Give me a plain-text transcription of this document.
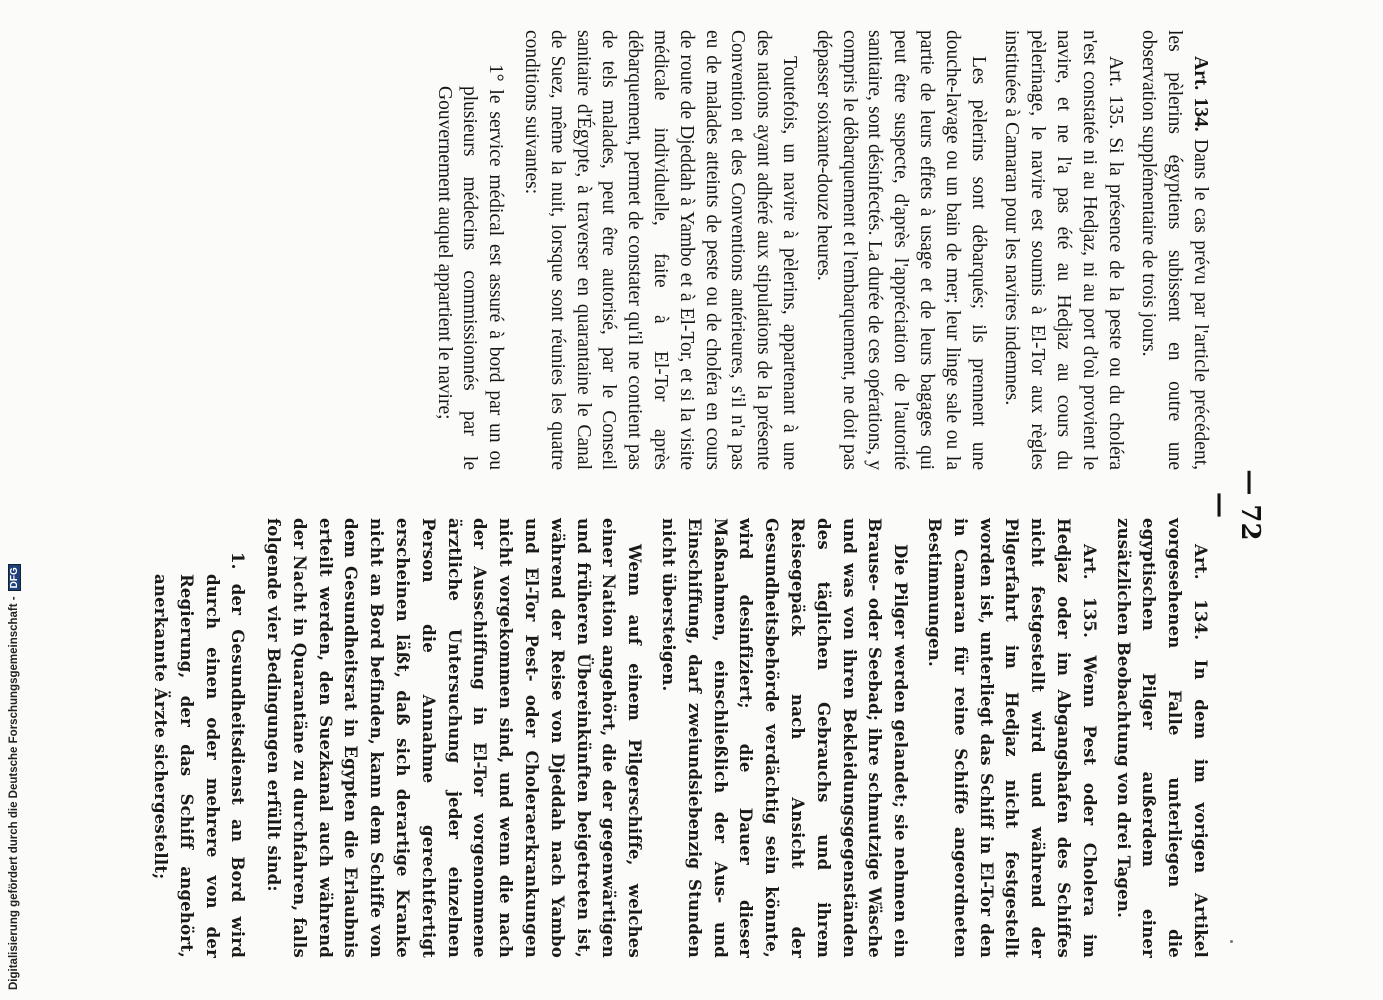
— 72 —

Art. 134. Dans le cas prévu par l'article précédent, les pèlerins égyptiens subissent en outre une observation supplémentaire de trois jours.

Art. 135. Si la présence de la peste ou du choléra n'est constatée ni au Hedjaz, ni au port d'où provient le navire, et ne l'a pas été au Hedjaz au cours du pèlerinage, le navire est soumis à El-Tor aux règles instituées à Camaran pour les navires indemnes.

Les pèlerins sont débarqués; ils prennent une douche-lavage ou un bain de mer; leur linge sale ou la partie de leurs effets à usage et de leurs bagages qui peut être suspecte, d'après l'appréciation de l'autorité sanitaire, sont désinfectés. La durée de ces opérations, y compris le débarquement et l'embarquement, ne doit pas dépasser soixante-douze heures.

Toutefois, un navire à pèlerins, appartenant à une des nations ayant adhéré aux stipulations de la présente Convention et des Conventions antérieures, s'il n'a pas eu de malades atteints de peste ou de choléra en cours de route de Djeddah à Yambo et à El-Tor, et si la visite médicale individuelle, faite à El-Tor après débarquement, permet de constater qu'il ne contient pas de tels malades, peut être autorisé, par le Conseil sanitaire d'Égypte, à traverser en quarantaine le Canal de Suez, même la nuit, lorsque sont réunies les quatre conditions suivantes:

1° le service médical est assuré à bord par un ou plusieurs médecins commissionnés par le Gouvernement auquel appartient le navire;

Art. 134. In dem im vorigen Artikel vorgesehenen Falle unterliegen die egyptischen Pilger außerdem einer zusätzlichen Beobachtung von drei Tagen.

Art. 135. Wenn Pest oder Cholera im Hedjaz oder im Abgangshafen des Schiffes nicht festgestellt wird und während der Pilgerfahrt im Hedjaz nicht festgestellt worden ist, unterliegt das Schiff in El-Tor den in Camaran für reine Schiffe angeordneten Bestimmungen.

Die Pilger werden gelandet; sie nehmen ein Brause- oder Seebad; ihre schmutzige Wäsche und was von ihren Bekleidungsgegenständen des täglichen Gebrauchs und ihrem Reisegepäck nach Ansicht der Gesundheitsbehörde verdächtig sein könnte, wird desinfiziert; die Dauer dieser Maßnahmen, einschließlich der Aus- und Einschiffung, darf zweiundsiebenzig Stunden nicht übersteigen.

Wenn auf einem Pilgerschiffe, welches einer Nation angehört, die der gegenwärtigen und früheren Übereinkünften beigetreten ist, während der Reise von Djeddah nach Yambo und El-Tor Pest- oder Choleraerkrankungen nicht vorgekommen sind, und wenn die nach der Ausschiffung in El-Tor vorgenommene ärztliche Untersuchung jeder einzelnen Person die Annahme gerechtfertigt erscheinen läßt, daß sich derartige Kranke nicht an Bord befinden, kann dem Schiffe von dem Gesundheitsrat in Egypten die Erlaubnis erteilt werden, den Suezkanal auch während der Nacht in Quarantäne zu durchfahren, falls folgende vier Bedingungen erfüllt sind:

1. der Gesundheitsdienst an Bord wird durch einen oder mehrere von der Regierung, der das Schiff angehört, anerkannte Ärzte sichergestellt;

Digitalisierung gefördert durch die Deutsche Forschungsgemeinschaft -DFG
